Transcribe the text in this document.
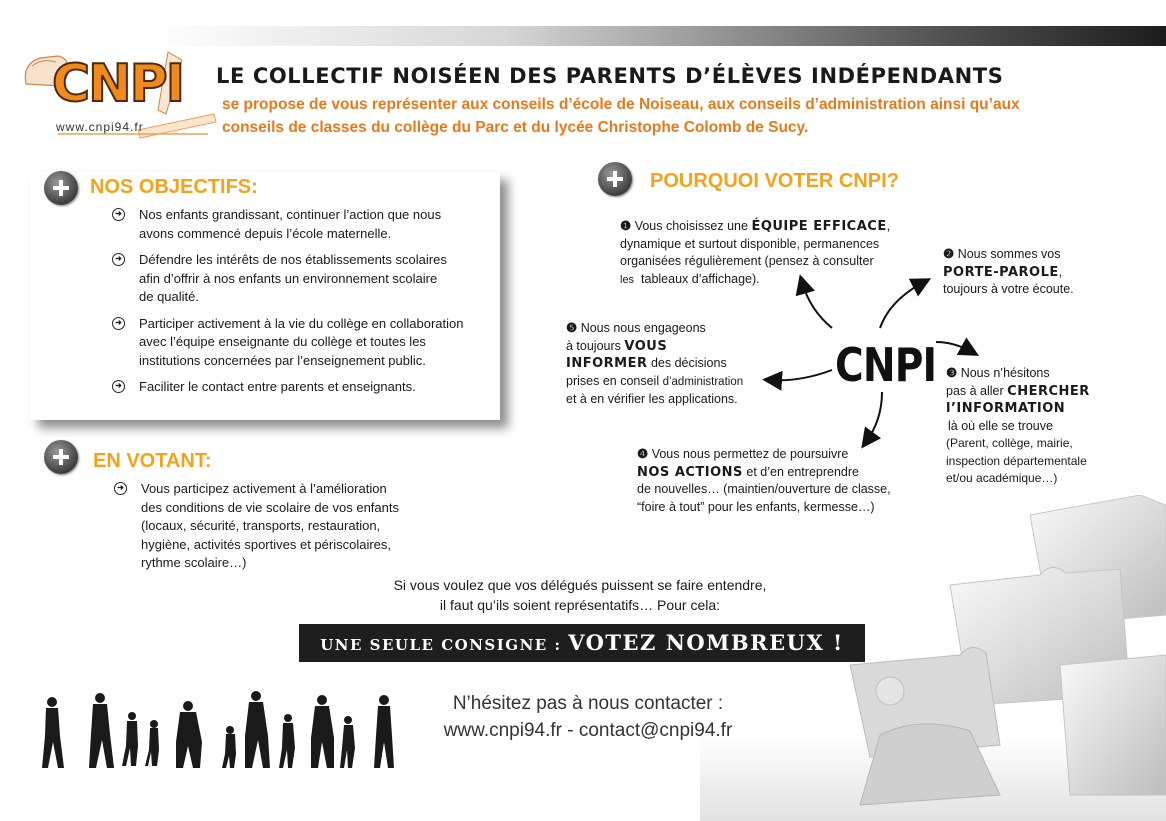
CNPI
www.cnpi94.fr
LE COLLECTIF NOISÉEN DES PARENTS D’ÉLÈVES INDÉPENDANTS
se propose de vous représenter aux conseils d’école de Noiseau, aux conseils d’administration ainsi qu’aux
conseils de classes du collège du Parc et du lycée Christophe Colomb de Sucy.
NOS OBJECTIFS:
➜ Nos enfants grandissant, continuer l’action que nous
avons commencé depuis l’école maternelle.
➜ Défendre les intérêts de nos établissements scolaires
afin d’offrir à nos enfants un environnement scolaire
de qualité.
➜ Participer activement à la vie du collège en collaboration
avec l’équipe enseignante du collège et toutes les
institutions concernées par l’enseignement public.
➜ Faciliter le contact entre parents et enseignants.
EN VOTANT:
➜ Vous participez activement à l’amélioration
des conditions de vie scolaire de vos enfants
(locaux, sécurité, transports, restauration,
hygiène, activités sportives et périscolaires,
rythme scolaire…)
POURQUOI VOTER CNPI?
CNPI
❶ Vous choisissez une ÉQUIPE EFFICACE,
dynamique et surtout disponible, permanences
organisées régulièrement (pensez à consulter
les tableaux d’affichage).
❷ Nous sommes vos
PORTE-PAROLE,
toujours à votre écoute.
❸ Nous n’hésitons
pas à aller CHERCHER
l’INFORMATION
là où elle se trouve
(Parent, collège, mairie,
inspection départementale
et/ou académique…)
❹ Vous nous permettez de poursuivre
NOS ACTIONS et d’en entreprendre
de nouvelles… (maintien/ouverture de classe,
“foire à tout” pour les enfants, kermesse…)
❺ Nous nous engageons
à toujours VOUS
INFORMER des décisions
prises en conseil d’administration
et à en vérifier les applications.
Si vous voulez que vos délégués puissent se faire entendre,
il faut qu’ils soient représentatifs… Pour cela:
UNE SEULE CONSIGNE : VOTEZ NOMBREUX !
N’hésitez pas à nous contacter :
www.cnpi94.fr - contact@cnpi94.fr
